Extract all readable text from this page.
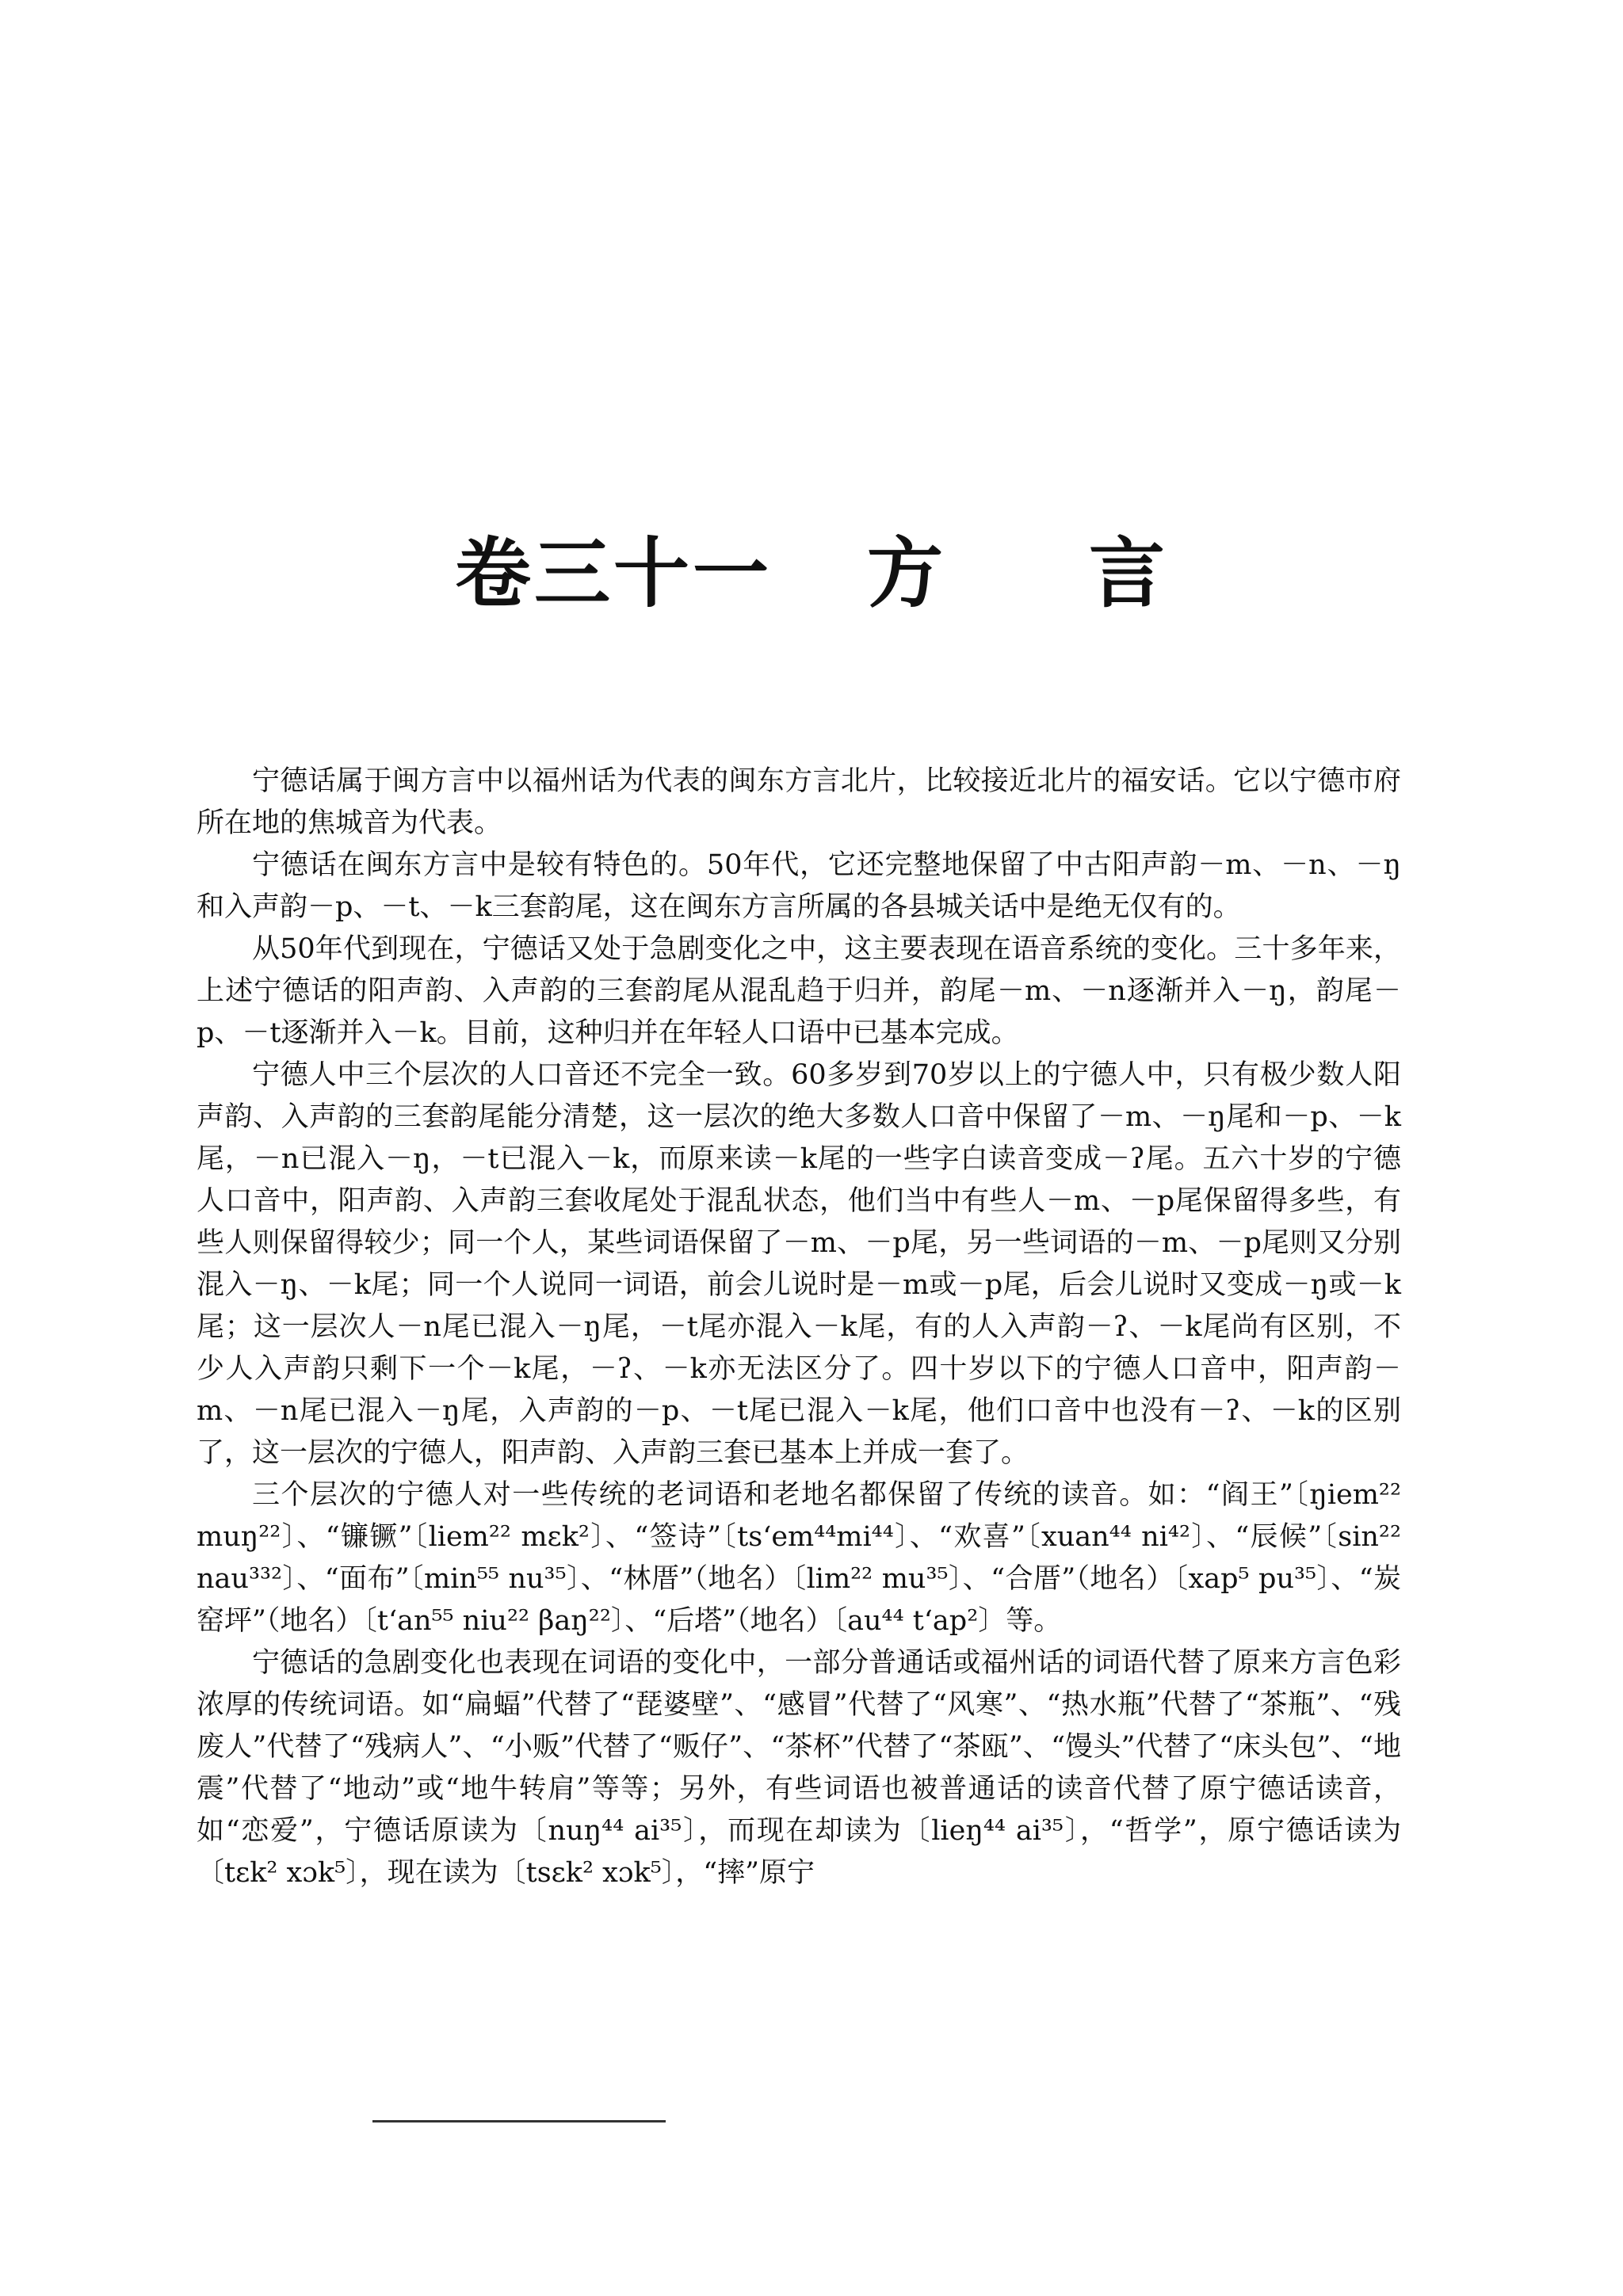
卷三十一 方 言

宁德话属于闽方言中以福州话为代表的闽东方言北片，比较接近北片的福安话。它以宁德市府所在地的焦城音为代表。

宁德话在闽东方言中是较有特色的。50年代，它还完整地保留了中古阳声韵－m、－n、－ŋ和入声韵－p、－t、－k三套韵尾，这在闽东方言所属的各县城关话中是绝无仅有的。

从50年代到现在，宁德话又处于急剧变化之中，这主要表现在语音系统的变化。三十多年来，上述宁德话的阳声韵、入声韵的三套韵尾从混乱趋于归并，韵尾－m、－n逐渐并入－ŋ，韵尾－p、－t逐渐并入－k。目前，这种归并在年轻人口语中已基本完成。

宁德人中三个层次的人口音还不完全一致。60多岁到70岁以上的宁德人中，只有极少数人阳声韵、入声韵的三套韵尾能分清楚，这一层次的绝大多数人口音中保留了－m、－ŋ尾和－p、－k尾，－n已混入－ŋ，－t已混入－k，而原来读－k尾的一些字白读音变成－ʔ尾。五六十岁的宁德人口音中，阳声韵、入声韵三套收尾处于混乱状态，他们当中有些人－m、－p尾保留得多些，有些人则保留得较少；同一个人，某些词语保留了－m、－p尾，另一些词语的－m、－p尾则又分别混入－ŋ、－k尾；同一个人说同一词语，前会儿说时是－m或－p尾，后会儿说时又变成－ŋ或－k尾；这一层次人－n尾已混入－ŋ尾，－t尾亦混入－k尾，有的人入声韵－ʔ、－k尾尚有区别，不少人入声韵只剩下一个－k尾，－ʔ、－k亦无法区分了。四十岁以下的宁德人口音中，阳声韵－m、－n尾已混入－ŋ尾，入声韵的－p、－t尾已混入－k尾，他们口音中也没有－ʔ、－k的区别了，这一层次的宁德人，阳声韵、入声韵三套已基本上并成一套了。

三个层次的宁德人对一些传统的老词语和老地名都保留了传统的读音。如：“阎王”〔ŋiem²² muŋ²²〕、“镰镢”〔liem²² mɛk²〕、“签诗”〔tsʻem⁴⁴mi⁴⁴〕、“欢喜”〔xuan⁴⁴ ni⁴²〕、“辰候”〔sin²² nau³³²〕、“面布”〔min⁵⁵ nu³⁵〕、“林厝”（地名）〔lim²² mu³⁵〕、“合厝”（地名）〔xap⁵ pu³⁵〕、“炭窑坪”（地名）〔tʻan⁵⁵ niu²² βaŋ²²〕、“后塔”（地名）〔au⁴⁴ tʻap²〕等。

宁德话的急剧变化也表现在词语的变化中，一部分普通话或福州话的词语代替了原来方言色彩浓厚的传统词语。如“扁蝠”代替了“琵婆壁”、“感冒”代替了“风寒”、“热水瓶”代替了“茶瓶”、“残废人”代替了“残病人”、“小贩”代替了“贩仔”、“茶杯”代替了“茶瓯”、“馒头”代替了“床头包”、“地震”代替了“地动”或“地牛转肩”等等；另外，有些词语也被普通话的读音代替了原宁德话读音，如“恋爱”，宁德话原读为〔nuŋ⁴⁴ ai³⁵〕，而现在却读为〔lieŋ⁴⁴ ai³⁵〕，“哲学”，原宁德话读为〔tɛk² xɔk⁵〕，现在读为〔tsɛk² xɔk⁵〕，“摔”原宁
